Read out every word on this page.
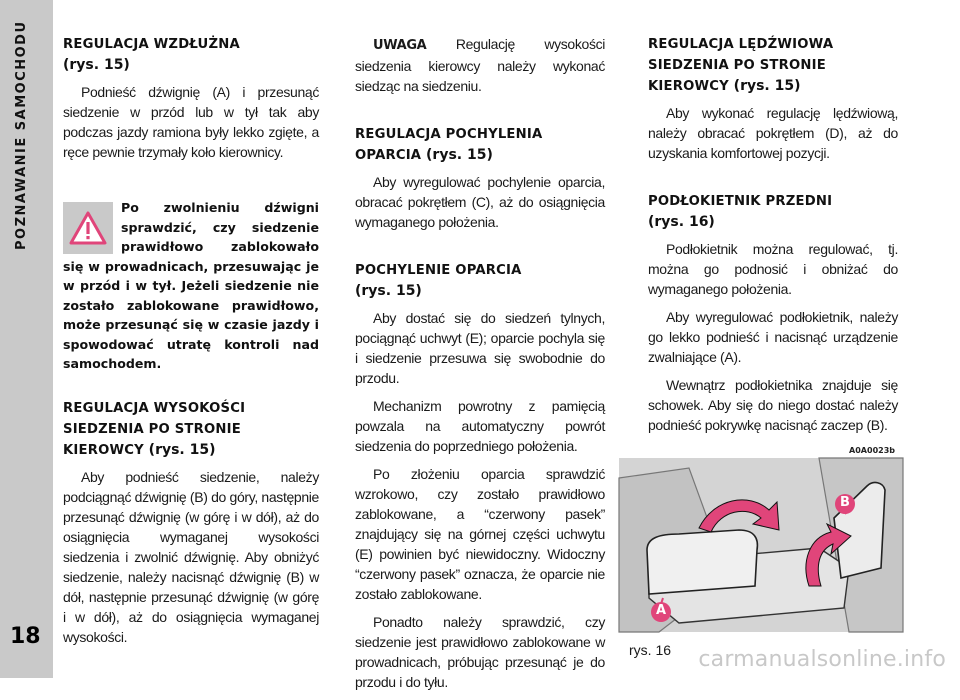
POZNAWANIE SAMOCHODU
18
REGULACJA WZDŁUŻNA
(rys. 15)

Podnieść dźwignię (A) i przesunąć siedzenie w przód lub w tył tak aby podczas jazdy ramiona były lekko zgięte, a ręce pewnie trzymały koło kierownicy.

Po zwolnieniu dźwigni sprawdzić, czy siedzenie prawidłowo zablokowało się w prowadnicach, przesuwając je w przód i w tył. Jeżeli siedzenie nie zostało zablokowane prawidłowo, może przesunąć się w czasie jazdy i spowodować utratę kontroli nad samochodem.
REGULACJA WYSOKOŚCI SIEDZENIA PO STRONIE KIEROWCY (rys. 15)

Aby podnieść siedzenie, należy podciągnąć dźwignię (B) do góry, następnie przesunąć dźwignię (w górę i w dół), aż do osiągnięcia wymaganej wysokości siedzenia i zwolnić dźwignię. Aby obniżyć siedzenie, należy nacisnąć dźwignię (B) w dół, następnie przesunąć dźwignię (w górę i w dół), aż do osiągnięcia wymaganej wysokości.

UWAGA Regulację wysokości siedzenia kierowcy należy wykonać siedząc na siedzeniu.

REGULACJA POCHYLENIA OPARCIA (rys. 15)

Aby wyregulować pochylenie oparcia, obracać pokrętłem (C), aż do osiągnięcia wymaganego położenia.

POCHYLENIE OPARCIA
(rys. 15)

Aby dostać się do siedzeń tylnych, pociągnąć uchwyt (E); oparcie pochyla się i siedzenie przesuwa się swobodnie do przodu.

Mechanizm powrotny z pamięcią powzala na automatyczny powrót siedzenia do poprzedniego położenia.

Po złożeniu oparcia sprawdzić wzrokowo, czy zostało prawidłowo zablokowane, a “czerwony pasek” znajdujący się na górnej części uchwytu (E) powinien być niewidoczny. Widoczny “czerwony pasek” oznacza, że oparcie nie zostało zablokowane.

Ponadto należy sprawdzić, czy siedzenie jest prawidłowo zablokowane w prowadnicach, próbując przesunąć je do przodu i do tyłu.

REGULACJA LĘDŹWIOWA SIEDZENIA PO STRONIE KIEROWCY (rys. 15)

Aby wykonać regulację lędźwiową, należy obracać pokrętłem (D), aż do uzyskania komfortowej pozycji.

PODŁOKIETNIK PRZEDNI
(rys. 16)

Podłokietnik można regulować, tj. można go podnosić i obniżać do wymaganego położenia.

Aby wyregulować podłokietnik, należy go lekko podnieść i nacisnąć urządzenie zwalniające (A).

Wewnątrz podłokietnika znajduje się schowek. Aby się do niego dostać należy podnieść pokrywkę nacisnąć zaczep (B).

A0A0023b
A
B
rys. 16 carmanualsonline.info
